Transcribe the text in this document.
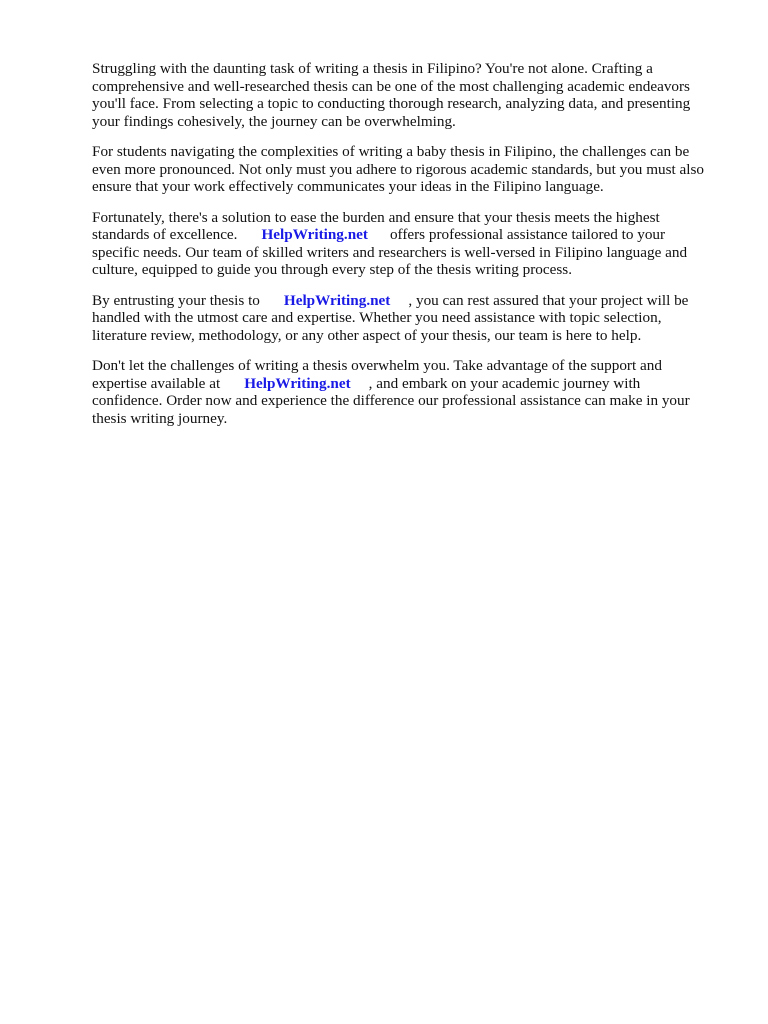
Struggling with the daunting task of writing a thesis in Filipino? You're not alone. Crafting a
comprehensive and well-researched thesis can be one of the most challenging academic endeavors
you'll face. From selecting a topic to conducting thorough research, analyzing data, and presenting
your findings cohesively, the journey can be overwhelming.

For students navigating the complexities of writing a baby thesis in Filipino, the challenges can be
even more pronounced. Not only must you adhere to rigorous academic standards, but you must also
ensure that your work effectively communicates your ideas in the Filipino language.

Fortunately, there's a solution to ease the burden and ensure that your thesis meets the highest
standards of excellence. HelpWriting.net offers professional assistance tailored to your
specific needs. Our team of skilled writers and researchers is well-versed in Filipino language and
culture, equipped to guide you through every step of the thesis writing process.

By entrusting your thesis to HelpWriting.net , you can rest assured that your project will be
handled with the utmost care and expertise. Whether you need assistance with topic selection,
literature review, methodology, or any other aspect of your thesis, our team is here to help.

Don't let the challenges of writing a thesis overwhelm you. Take advantage of the support and
expertise available at HelpWriting.net , and embark on your academic journey with
confidence. Order now and experience the difference our professional assistance can make in your
thesis writing journey.
